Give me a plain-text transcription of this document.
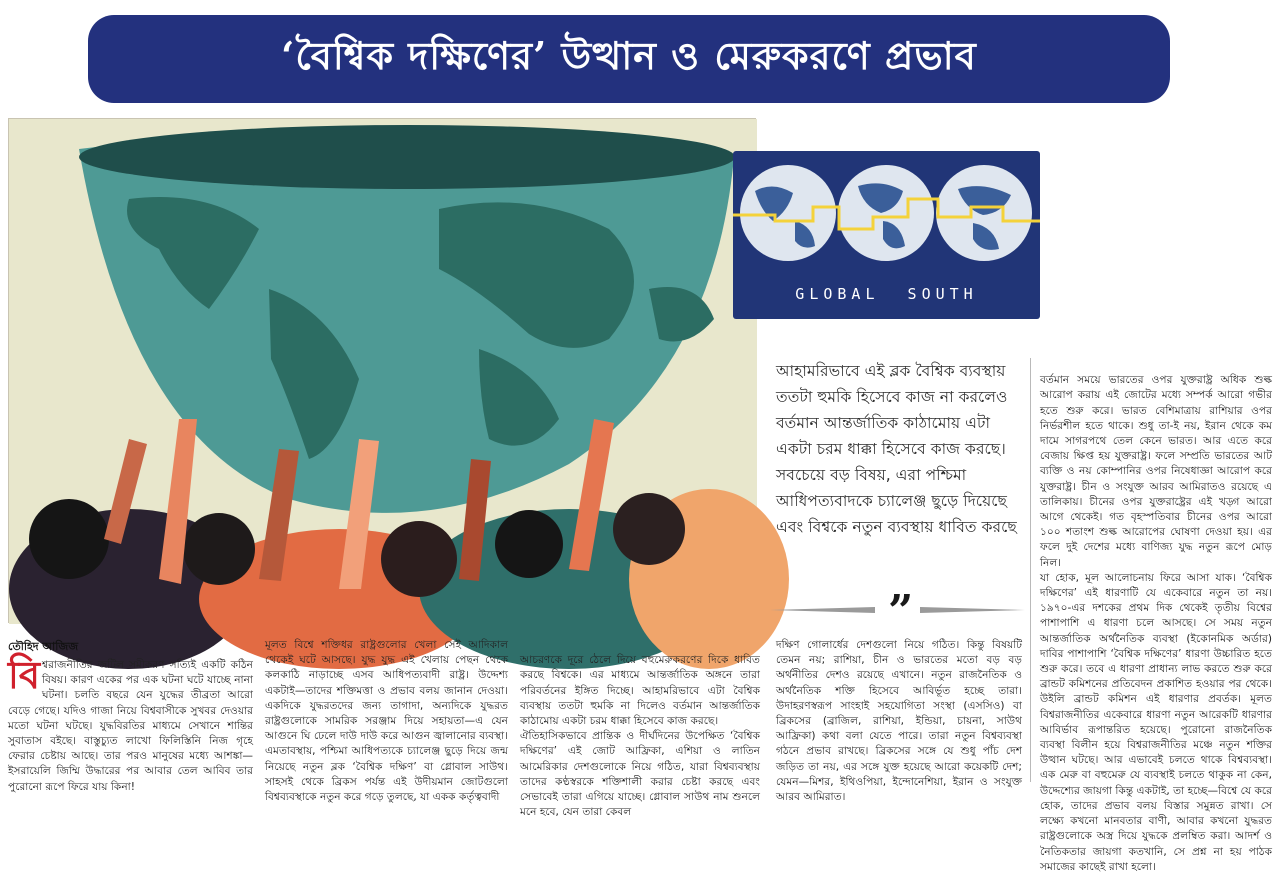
‘বৈশ্বিক দক্ষিণের’ উত্থান ও মেরুকরণে প্রভাব
GLOBAL  SOUTH
আহামরিভাবে এই ব্লক বৈশ্বিক ব্যবস্থায় ততটা হুমকি হিসেবে কাজ না করলেও বর্তমান আন্তর্জাতিক কাঠামোয় এটা একটা চরম ধাক্কা হিসেবে কাজ করছে। সবচেয়ে বড় বিষয়, এরা পশ্চিমা আধিপত্যবাদকে চ্যালেঞ্জ ছুড়ে দিয়েছে এবং বিশ্বকে নতুন ব্যবস্থায় ধাবিত করছে
”
তৌহিদ আজিজ
বিশ্বরাজনীতির জটিল সমীকরণ সত্যিই একটি কঠিন বিষয়। কারণ একের পর এক ঘটনা ঘটে যাচ্ছে নানা ঘটনা। চলতি বছরে যেন যুদ্ধের তীব্রতা আরো বেড়ে গেছে। যদিও গাজা নিয়ে বিশ্ববাসীকে সুখবর দেওয়ার মতো ঘটনা ঘটছে। যুদ্ধবিরতির মাধ্যমে সেখানে শান্তির সুবাতাস বইছে। বাস্তুচ্যুত লাখো ফিলিস্তিনি নিজ গৃহে ফেরার চেষ্টায় আছে। তার পরও মানুষের মধ্যে আশঙ্কা—ইসরায়েলি জিম্মি উদ্ধারের পর আবার তেল আবিব তার পুরোনো রূপে ফিরে যায় কিনা!

মূলত বিশ্বে শক্তিধর রাষ্ট্রগুলোর খেলা সেই আদিকাল থেকেই ঘটে আসছে। যুদ্ধ যুদ্ধ এই খেলায় পেছন থেকে কলকাঠি নাড়াচ্ছে এসব আধিপত্যবাদী রাষ্ট্র। উদ্দেশ্য একটাই—তাদের শক্তিমত্তা ও প্রভাব বলয় জানান দেওয়া। একদিকে যুদ্ধরতদের জন্য তাগাদা, অন্যদিকে যুদ্ধরত রাষ্ট্রগুলোকে সামরিক সরঞ্জাম দিয়ে সহায়তা—এ যেন আগুনে ঘি ঢেলে দাউ দাউ করে আগুন জ্বালানোর ব্যবস্থা। এমতাবস্থায়, পশ্চিমা আধিপত্যকে চ্যালেঞ্জ ছুড়ে দিয়ে জন্ম নিয়েছে নতুন ব্লক ‘বৈশ্বিক দক্ষিণ’ বা গ্লোবাল সাউথ। সাহসই থেকে ব্রিকস পর্যন্ত এই উদীয়মান জোটগুলো বিশ্বব্যবস্থাকে নতুন করে গড়ে তুলছে, যা একক কর্তৃত্ববাদী

আচরণকে দূরে ঠেলে দিয়ে বহুমেরুকরণের দিকে ধাবিত করছে বিশ্বকে। এর মাধ্যমে আন্তর্জাতিক অঙ্গনে তারা পরিবর্তনের ইঙ্গিত দিচ্ছে। আহামরিভাবে এটা বৈশ্বিক ব্যবস্থায় ততটা হুমকি না দিলেও বর্তমান আন্তর্জাতিক কাঠামোয় একটা চরম ধাক্কা হিসেবে কাজ করছে।
ঐতিহাসিকভাবে প্রান্তিক ও দীর্ঘদিনের উপেক্ষিত ‘বৈশ্বিক দক্ষিণের’ এই জোট আফ্রিকা, এশিয়া ও লাতিন আমেরিকার দেশগুলোকে নিয়ে গঠিত, যারা বিশ্বব্যবস্থায় তাদের কণ্ঠস্বরকে শক্তিশালী করার চেষ্টা করছে এবং সেভাবেই তারা এগিয়ে যাচ্ছে। গ্লোবাল সাউথ নাম শুনলে মনে হবে, যেন তারা কেবল

দক্ষিণ গোলার্ধের দেশগুলো নিয়ে গঠিত। কিন্তু বিষয়টি তেমন নয়; রাশিয়া, চীন ও ভারতের মতো বড় বড় অর্থনীতির দেশও রয়েছে এখানে। নতুন রাজনৈতিক ও অর্থনৈতিক শক্তি হিসেবে আবির্ভূত হচ্ছে তারা। উদাহরণস্বরূপ সাংহাই সহযোগিতা সংস্থা (এসসিও) বা ব্রিকসের (ব্রাজিল, রাশিয়া, ইন্ডিয়া, চায়না, সাউথ আফ্রিকা) কথা বলা যেতে পারে। তারা নতুন বিশ্বব্যবস্থা গঠনে প্রভাব রাখছে। ব্রিকসের সঙ্গে যে শুধু পাঁচ দেশ জড়িত তা নয়, এর সঙ্গে যুক্ত হয়েছে আরো কয়েকটি দেশ; যেমন—মিশর, ইথিওপিয়া, ইন্দোনেশিয়া, ইরান ও সংযুক্ত আরব আমিরাত।

বর্তমান সময়ে ভারতের ওপর যুক্তরাষ্ট্র অধিক শুল্ক আরোপ করায় এই জোটের মধ্যে সম্পর্ক আরো গভীর হতে শুরু করে। ভারত বেশিমাত্রায় রাশিয়ার ওপর নির্ভরশীল হতে থাকে। শুধু তা-ই নয়, ইরান থেকে কম দামে সাগরপথে তেল কেনে ভারত। আর এতে করে বেজায় ক্ষিপ্ত হয় যুক্তরাষ্ট্র। ফলে সম্প্রতি ভারতের আট ব্যক্তি ও নয় কোম্পানির ওপর নিষেধাজ্ঞা আরোপ করে যুক্তরাষ্ট্র। চীন ও সংযুক্ত আরব আমিরাতও রয়েছে এ তালিকায়। চীনের ওপর যুক্তরাষ্ট্রের এই খড়্গ আরো আগে থেকেই। গত বৃহস্পতিবার চীনের ওপর আরো ১০০ শতাংশ শুল্ক আরোপের ঘোষণা দেওয়া হয়। এর ফলে দুই দেশের মধ্যে বাণিজ্য যুদ্ধ নতুন রূপে মোড় নিল।
যা হোক, মূল আলোচনায় ফিরে আসা যাক। ‘বৈশ্বিক দক্ষিণের’ এই ধারণাটি যে একেবারে নতুন তা নয়। ১৯৭০-এর দশকের প্রথম দিক থেকেই তৃতীয় বিশ্বের পাশাপাশি এ ধারণা চলে আসছে। সে সময় নতুন আন্তর্জাতিক অর্থনৈতিক ব্যবস্থা (ইকোনমিক অর্ডার) দাবির পাশাপাশি ‘বৈশ্বিক দক্ষিণের’ ধারণা উচ্চারিত হতে শুরু করে। তবে এ ধারণা প্রাধান্য লাভ করতে শুরু করে ব্রান্ডট কমিশনের প্রতিবেদন প্রকাশিত হওয়ার পর থেকে। উইলি ব্রান্ডট কমিশন এই ধারণার প্রবর্তক। মূলত বিশ্বরাজনীতির একেবারে ধারণা নতুন আরেকটি ধারণার আবির্ভাব রূপান্তরিত হয়েছে। পুরোনো রাজনৈতিক ব্যবস্থা বিলীন হয়ে বিশ্বরাজনীতির মঞ্চে নতুন শক্তির উত্থান ঘটছে। আর এভাবেই চলতে থাকে বিশ্বব্যবস্থা। এক মেরু বা বহুমেরু যে ব্যবস্থাই চলতে থাকুক না কেন, উদ্দেশ্যের জায়গা কিন্তু একটাই, তা হচ্ছে—বিশ্বে যে করে হোক, তাদের প্রভাব বলয় বিস্তার সমুন্নত রাখা। সে লক্ষ্যে কখনো মানবতার বাণী, আবার কখনো যুদ্ধরত রাষ্ট্রগুলোকে অস্ত্র দিয়ে যুদ্ধকে প্রলম্বিত করা। আদর্শ ও নৈতিকতার জায়গা কতখানি, সে প্রশ্ন না হয় পাঠক সমাজের কাছেই রাখা হলো।
